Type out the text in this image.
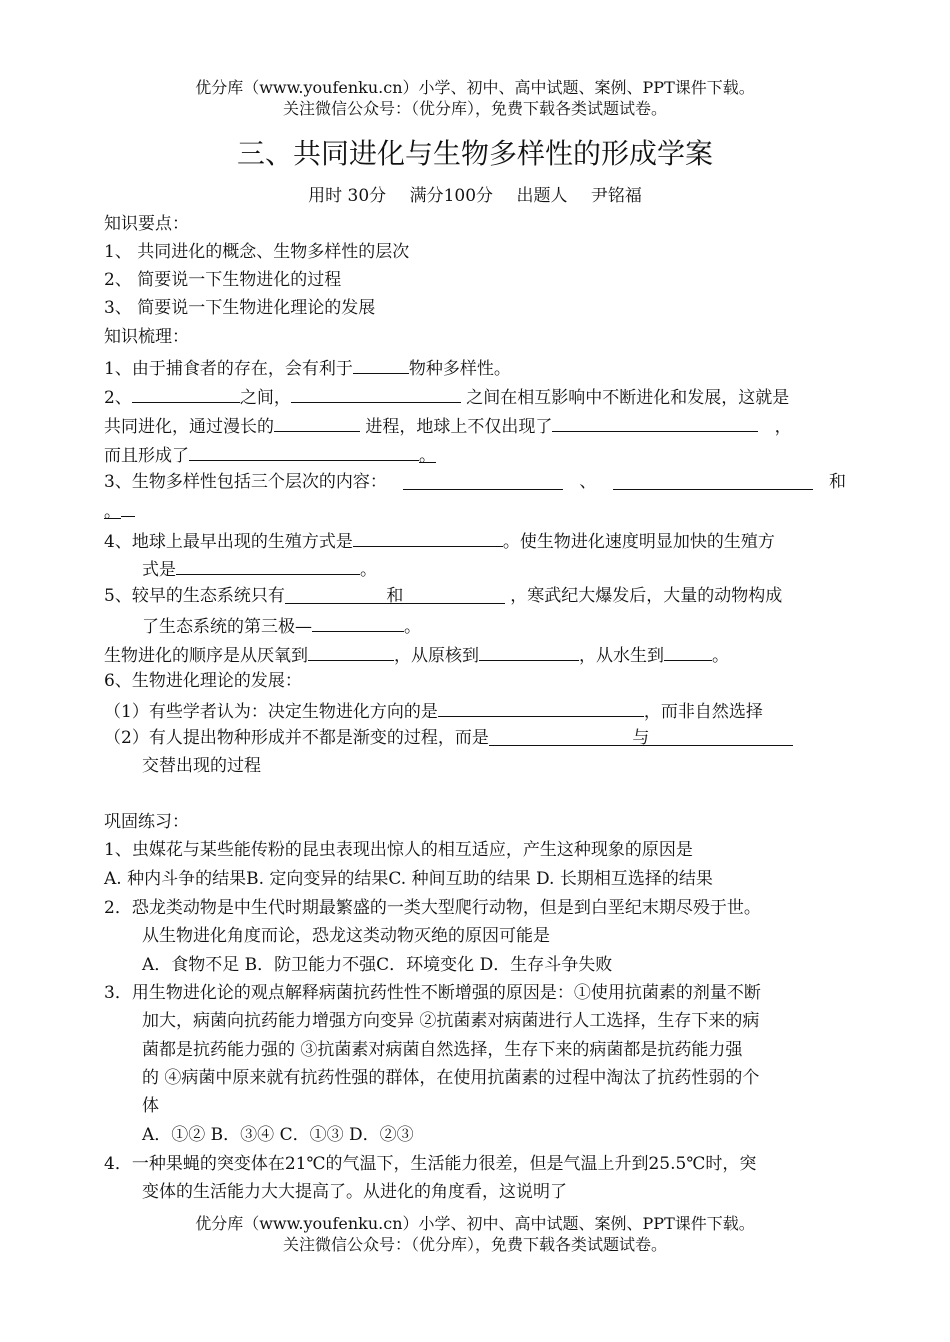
优分库（www.youfenku.cn）小学、初中、高中试题、案例、PPT课件下载。
关注微信公众号：（优分库），免费下载各类试题试卷。
三、共同进化与生物多样性的形成学案
用时 30分 满分100分 出题人 尹铭福
知识要点：
1、 共同进化的概念、生物多样性的层次
2、 简要说一下生物进化的过程
3、 简要说一下生物进化理论的发展
知识梳理：
1、由于捕食者的存在，会有利于	物种多样性。
2、	之间，	之间在相互影响中不断进化和发展，这就是
共同进化，通过漫长的	进程，地球上不仅出现了	，
而且形成了	。
3、生物多样性包括三个层次的内容：	、	和
。
4、地球上最早出现的生殖方式是	。使生物进化速度明显加快的生殖方
式是	。
5、较早的生态系统只有	和	，寒武纪大爆发后，大量的动物构成
了生态系统的第三极—	。
生物进化的顺序是从厌氧到	，从原核到	，从水生到	。
6、生物进化理论的发展：
（1）有些学者认为：决定生物进化方向的是	，而非自然选择
（2）有人提出物种形成并不都是渐变的过程，而是	与
交替出现的过程
巩固练习：
1、虫媒花与某些能传粉的昆虫表现出惊人的相互适应，产生这种现象的原因是
A. 种内斗争的结果B. 定向变异的结果C. 种间互助的结果 D. 长期相互选择的结果
2．恐龙类动物是中生代时期最繁盛的一类大型爬行动物，但是到白垩纪末期尽殁于世。
从生物进化角度而论，恐龙这类动物灭绝的原因可能是
A．食物不足 B．防卫能力不强C．环境变化 D．生存斗争失败
3．用生物进化论的观点解释病菌抗药性性不断增强的原因是：①使用抗菌素的剂量不断
加大，病菌向抗药能力增强方向变异 ②抗菌素对病菌进行人工选择，生存下来的病
菌都是抗药能力强的 ③抗菌素对病菌自然选择，生存下来的病菌都是抗药能力强
的 ④病菌中原来就有抗药性强的群体，在使用抗菌素的过程中淘汰了抗药性弱的个
体
A．①② B．③④ C．①③ D．②③
4．一种果蝇的突变体在21℃的气温下，生活能力很差，但是气温上升到25.5℃时，突
变体的生活能力大大提高了。从进化的角度看，这说明了
优分库（www.youfenku.cn）小学、初中、高中试题、案例、PPT课件下载。
关注微信公众号：（优分库），免费下载各类试题试卷。
